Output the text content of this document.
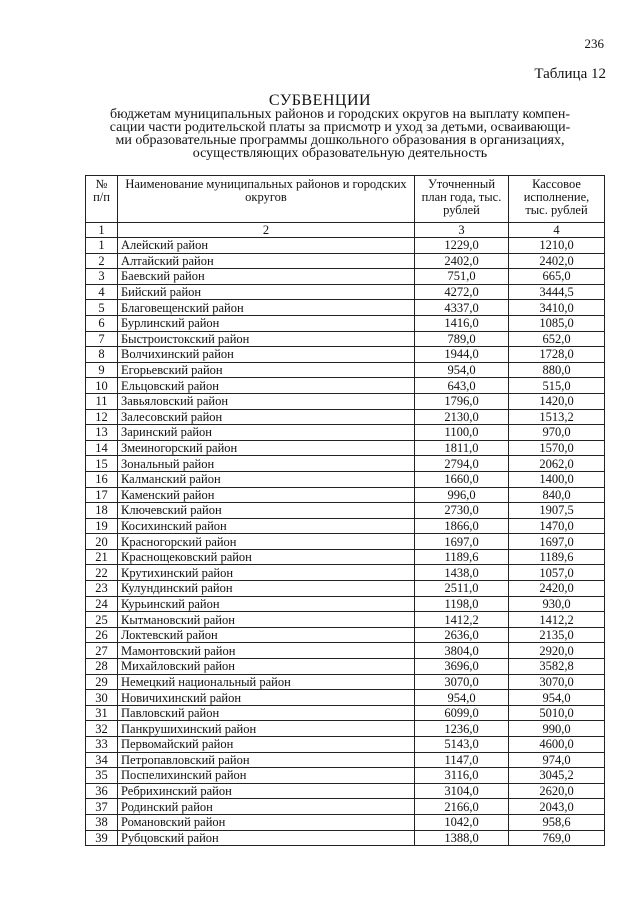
236
Таблица 12
СУБВЕНЦИИ
бюджетам муниципальных районов и городских округов на выплату компен-
сации части родительской платы за присмотр и уход за детьми, осваивающи-
ми образовательные программы дошкольного образования в организациях,
осуществляющих образовательную деятельность
№ п/п	Наименование муниципальных районов и городских округов	Уточненный план года, тыс. рублей	Кассовое исполнение, тыс. рублей
1	2	3	4
1	Алейский район	1229,0	1210,0
2	Алтайский район	2402,0	2402,0
3	Баевский район	751,0	665,0
4	Бийский район	4272,0	3444,5
5	Благовещенский район	4337,0	3410,0
6	Бурлинский район	1416,0	1085,0
7	Быстроистокский район	789,0	652,0
8	Волчихинский район	1944,0	1728,0
9	Егорьевский район	954,0	880,0
10	Ельцовский район	643,0	515,0
11	Завьяловский район	1796,0	1420,0
12	Залесовский район	2130,0	1513,2
13	Заринский район	1100,0	970,0
14	Змеиногорский район	1811,0	1570,0
15	Зональный район	2794,0	2062,0
16	Калманский район	1660,0	1400,0
17	Каменский район	996,0	840,0
18	Ключевский район	2730,0	1907,5
19	Косихинский район	1866,0	1470,0
20	Красногорский район	1697,0	1697,0
21	Краснощековский район	1189,6	1189,6
22	Крутихинский район	1438,0	1057,0
23	Кулундинский район	2511,0	2420,0
24	Курьинский район	1198,0	930,0
25	Кытмановский район	1412,2	1412,2
26	Локтевский район	2636,0	2135,0
27	Мамонтовский район	3804,0	2920,0
28	Михайловский район	3696,0	3582,8
29	Немецкий национальный район	3070,0	3070,0
30	Новичихинский район	954,0	954,0
31	Павловский район	6099,0	5010,0
32	Панкрушихинский район	1236,0	990,0
33	Первомайский район	5143,0	4600,0
34	Петропавловский район	1147,0	974,0
35	Поспелихинский район	3116,0	3045,2
36	Ребрихинский район	3104,0	2620,0
37	Родинский район	2166,0	2043,0
38	Романовский район	1042,0	958,6
39	Рубцовский район	1388,0	769,0
